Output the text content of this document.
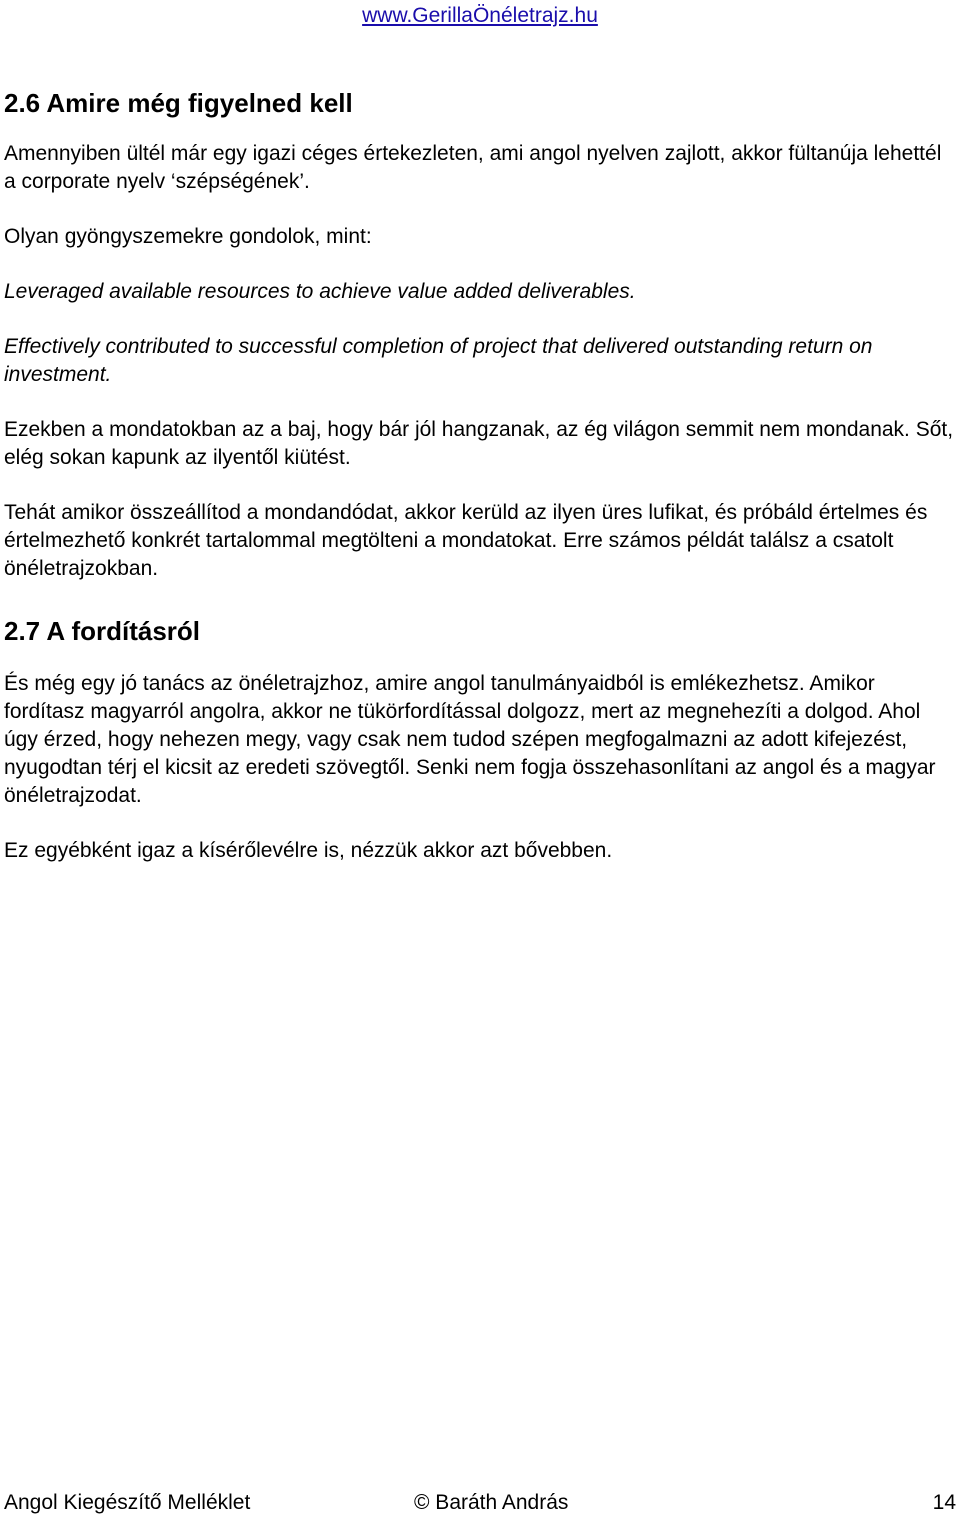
www.GerillaÖnéletrajz.hu
2.6 Amire még figyelned kell

Amennyiben ültél már egy igazi céges értekezleten, ami angol nyelven zajlott, akkor fültanúja lehettél a corporate nyelv ‘szépségének’.

Olyan gyöngyszemekre gondolok, mint:

Leveraged available resources to achieve value added deliverables.

Effectively contributed to successful completion of project that delivered outstanding return on investment.

Ezekben a mondatokban az a baj, hogy bár jól hangzanak, az ég világon semmit nem mondanak. Sőt, elég sokan kapunk az ilyentől kiütést.

Tehát amikor összeállítod a mondandódat, akkor kerüld az ilyen üres lufikat, és próbáld értelmes és értelmezhető konkrét tartalommal megtölteni a mondatokat. Erre számos példát találsz a csatolt önéletrajzokban.

2.7 A fordításról

És még egy jó tanács az önéletrajzhoz, amire angol tanulmányaidból is emlékezhetsz. Amikor fordítasz magyarról angolra, akkor ne tükörfordítással dolgozz, mert az megnehezíti a dolgod. Ahol úgy érzed, hogy nehezen megy, vagy csak nem tudod szépen megfogalmazni az adott kifejezést, nyugodtan térj el kicsit az eredeti szövegtől. Senki nem fogja összehasonlítani az angol és a magyar önéletrajzodat.

Ez egyébként igaz a kísérőlevélre is, nézzük akkor azt bővebben.

Angol Kiegészítő Melléklet	© Baráth András	14
